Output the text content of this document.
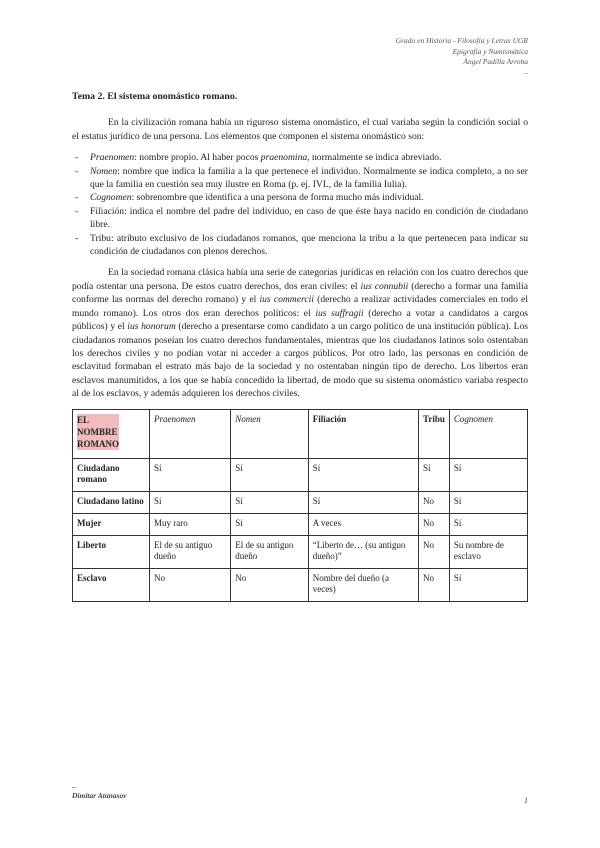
Grado en Historia - Filosofía y Letras UGR
Epigrafía y Numismática
Ángel Padilla Arroba
–
Tema 2. El sistema onomástico romano.

En la civilización romana había un riguroso sistema onomástico, el cual variaba según la condición social o el estatus jurídico de una persona. Los elementos que componen el sistema onomástico son:

- Praenomen: nombre propio. Al haber pocos praenomina, normalmente se indica abreviado.
- Nomen: nombre que indica la familia a la que pertenece el individuo. Normalmente se indica completo, a no ser que la familia en cuestión sea muy ilustre en Roma (p. ej. IVL, de la familia Iulia).
- Cognomen: sobrenombre que identifica a una persona de forma mucho más individual.
- Filiación: indica el nombre del padre del individuo, en caso de que éste haya nacido en condición de ciudadano libre.
- Tribu: atributo exclusivo de los ciudadanos romanos, que menciona la tribu a la que pertenecen para indicar su condición de ciudadanos con plenos derechos.

En la sociedad romana clásica había una serie de categorías jurídicas en relación con los cuatro derechos que podía ostentar una persona. De estos cuatro derechos, dos eran civiles: el ius connubii (derecho a formar una familia conforme las normas del derecho romano) y el ius commercii (derecho a realizar actividades comerciales en todo el mundo romano). Los otros dos eran derechos políticos: el ius suffragii (derecho a votar a candidatos a cargos públicos) y el ius honorum (derecho a presentarse como candidato a un cargo político de una institución pública). Los ciudadanos romanos poseían los cuatro derechos fundamentales, mientras que los ciudadanos latinos solo ostentaban los derechos civiles y no podían votar ni acceder a cargos públicos. Por otro lado, las personas en condición de esclavitud formaban el estrato más bajo de la sociedad y no ostentaban ningún tipo de derecho. Los libertos eran esclavos manumitidos, a los que se había concedido la libertad, de modo que su sistema onomástico variaba respecto al de los esclavos, y además adquieren los derechos civiles.

EL
NOMBRE
ROMANO	Praenomen	Nomen	Filiación	Tribu	Cognomen
Ciudadano romano	Sí	Sí	Sí	Sí	Sí
Ciudadano latino	Sí	Sí	Sí	No	Sí
Mujer	Muy raro	Sí	A veces	No	Sí
Liberto	El de su antiguo dueño	El de su antiguo dueño	“Liberto de… (su antiguo dueño)”	No	Su nombre de esclavo
Esclavo	No	No	Nombre del dueño (a veces)	No	Sí
–
Dimitar Atanasov
1
